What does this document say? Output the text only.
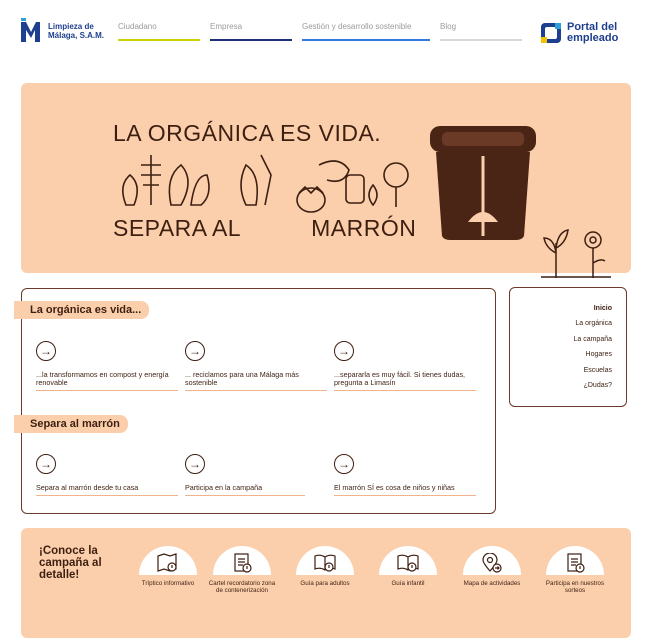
Limpieza de
Málaga, S.A.M.
Ciudadano	Empresa	Gestión y desarrollo sostenible	Blog	Portal del
empleado
LA ORGÁNICA ES VIDA.
SEPARA AL	MARRÓN
La orgánica es vida...
→
...la transformamos en compost y energía renovable
→
... reciclamos para una Málaga más sostenible
→
...separarla es muy fácil. Si tienes dudas, pregunta a Limasín
Separa al marrón
→
Separa al marrón desde tu casa
→
Participa en la campaña
→
El marrón SÍ es cosa de niños y niñas
Inicio
La orgánica
La campaña
Hogares
Escuelas
¿Dudas?
¡Conoce la campaña al detalle!
Tríptico informativo	Cartel recordatorio zona de contenerización
Guía para adultos	Guía infantil	Mapa de actividades	Participa en nuestros sorteos
